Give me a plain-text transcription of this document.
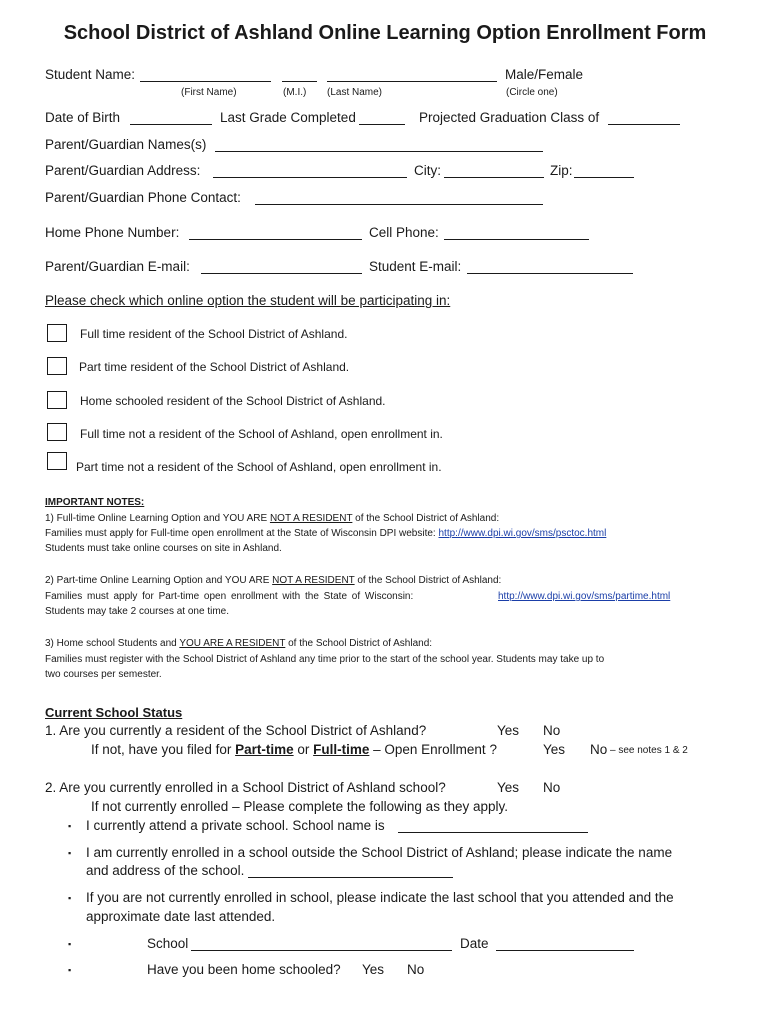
School District of Ashland Online Learning Option Enrollment Form
Student Name:	Male/Female
(First Name)	(M.I.) (Last Name)	(Circle one)
Date of Birth	Last Grade Completed	Projected Graduation Class of
Parent/Guardian Names(s)
Parent/Guardian Address:	City:	Zip:
Parent/Guardian Phone Contact:
Home Phone Number:	Cell Phone:
Parent/Guardian E-mail:	Student E-mail:
Please check which online option the student will be participating in:
Full time resident of the School District of Ashland.
Part time resident of the School District of Ashland.
Home schooled resident of the School District of Ashland.
Full time not a resident of the School of Ashland, open enrollment in.
Part time not a resident of the School of Ashland, open enrollment in.
IMPORTANT NOTES:
1) Full-time Online Learning Option and YOU ARE NOT A RESIDENT of the School District of Ashland:
Families must apply for Full-time open enrollment at the State of Wisconsin DPI website: http://www.dpi.wi.gov/sms/psctoc.html
Students must take online courses on site in Ashland.
2) Part-time Online Learning Option and YOU ARE NOT A RESIDENT of the School District of Ashland:
Families must apply for Part-time open enrollment with the State of Wisconsin:	http://www.dpi.wi.gov/sms/partime.html
Students may take 2 courses at one time.
3) Home school Students and YOU ARE A RESIDENT of the School District of Ashland:
Families must register with the School District of Ashland any time prior to the start of the school year. Students may take up to
two courses per semester.
Current School Status
1. Are you currently a resident of the School District of Ashland?	Yes No
If not, have you filed for Part-time or Full-time – Open Enrollment ?	Yes No – see notes 1 & 2
2. Are you currently enrolled in a School District of Ashland school?	Yes No
If not currently enrolled – Please complete the following as they apply.
▪ I currently attend a private school. School name is
▪ I am currently enrolled in a school outside the School District of Ashland; please indicate the name
and address of the school.
▪ If you are not currently enrolled in school, please indicate the last school that you attended and the
approximate date last attended.
▪	School	Date
▪	Have you been home schooled? Yes No
